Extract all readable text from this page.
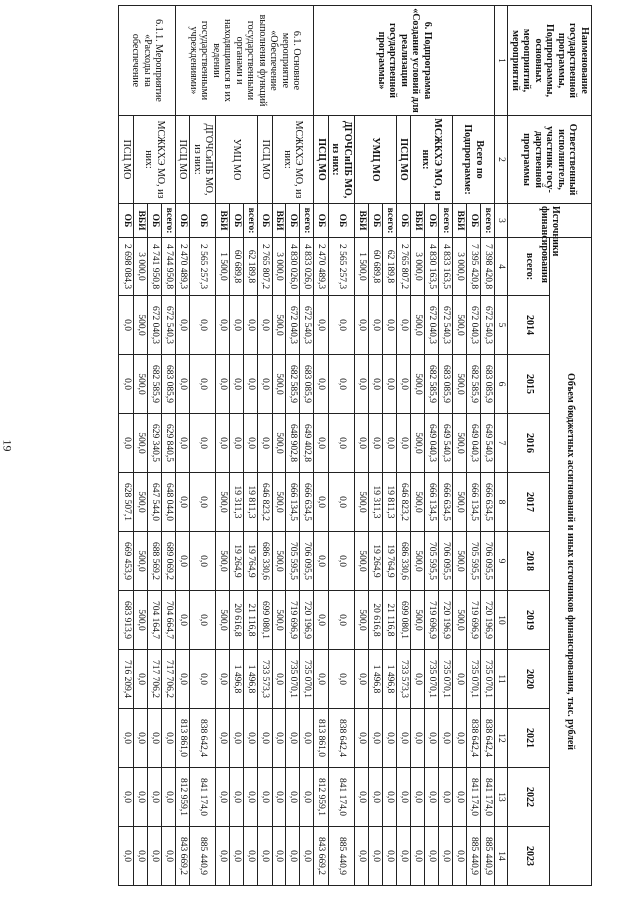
19
Наименование государственной программы, Подпрограммы, основных мероприятий, мероприятий	Ответственный исполнитель, участник госу-дарственной программы	Источники финансирования	Объем бюджетных ассигнований и иных источников финансирования, тыс. рублей										
			всего:	2014	2015	2016	2017	2018	2019	2020	2021	2022	2023
1	2	3	4	5	6	7	8	9	10	11	12	13	14
6. Подпрограмма «Создание условий для реализации государственной программы»	Всего по Подпрограмме:	всего:	7 398 420,8	672 540,3	683 085,9	649 540,3	666 634,5	706 095,5	720 196,9	735 070,1	838 642,4	841 174,0	885 440,9
		ОБ	7 395 420,8	672 040,3	682 585,9	649 040,3	666 134,5	705 595,5	719 696,9	735 070,1	838 642,4	841 174,0	885 440,9
		ВБИ	3 000,0	500,0	500,0	500,0	500,0	500,0	500,0	0,0	0,0	0,0	0,0
	МСЖКХЭ МО, из них:	всего:	4 833 163,5	672 540,3	683 085,9	649 540,3	666 634,5	706 095,5	720 196,9	735 070,1	0,0	0,0	0,0
		ОБ	4 830 163,5	672 040,3	682 585,9	649 040,3	666 134,5	705 595,5	719 696,9	735 070,1	0,0	0,0	0,0
		ВБИ	3 000,0	500,0	500,0	500,0	500,0	500,0	500,0	0,0	0,0	0,0	0,0
	ПСЦ МО	ОБ	2 765 807,2	0,0	0,0	0,0	646 823,2	686 330,6	699 080,1	733 573,3	0,0	0,0	0,0
	УМЦ МО	всего:	62 189,8	0,0	0,0	0,0	19 811,3	19 764,9	21 116,8	1 496,8	0,0	0,0	0,0
		ОБ	60 689,8	0,0	0,0	0,0	19 311,3	19 264,9	20 616,8	1 496,8	0,0	0,0	0,0
		ВБИ	1 500,0	0,0	0,0	0,0	500,0	500,0	500,0	0,0	0,0	0,0	0,0
	ДГОЧСиПБ МО, из них:	ОБ	2 565 257,3	0,0	0,0	0,0	0,0	0,0	0,0	0,0	838 642,4	841 174,0	885 440,9
	ПСЦ МО	ОБ	2 470 489,3	0,0	0,0	0,0	0,0	0,0	0,0	0,0	813 861,0	812 959,1	843 669,2
6.1. Основное мероприятие «Обеспечение выполнения функций государственными органами и находящимися в их ведении государственными учреждениями»	МСЖКХЭ МО, из них:	всего:	4 833 026,0	672 540,3	683 085,9	649 402,8	666 634,5	706 095,5	720 196,9	735 070,1	0,0	0,0	0,0
		ОБ	4 830 026,0	672 040,3	682 585,9	648 902,8	666 134,5	705 595,5	719 696,9	735 070,1	0,0	0,0	0,0
		ВБИ	3 000,0	500,0	500,0	500,0	500,0	500,0	500,0	0,0	0,0	0,0	0,0
	ПСЦ МО	ОБ	2 765 807,2	0,0	0,0	0,0	646 823,2	686 330,6	699 080,1	733 573,3	0,0	0,0	0,0
	УМЦ МО	всего:	62 189,8	0,0	0,0	0,0	19 811,3	19 764,9	21 116,8	1 496,8	0,0	0,0	0,0
		ОБ	60 689,8	0,0	0,0	0,0	19 311,3	19 264,9	20 616,8	1 496,8	0,0	0,0	0,0
		ВБИ	1 500,0	0,0	0,0	0,0	500,0	500,0	500,0	0,0	0,0	0,0	0,0
	ДГОЧСиПБ МО, из них:	ОБ	2 565 257,3	0,0	0,0	0,0	0,0	0,0	0,0	0,0	838 642,4	841 174,0	885 440,9
	ПСЦ МО	ОБ	2 470 489,3	0,0	0,0	0,0	0,0	0,0	0,0	0,0	813 861,0	812 959,1	843 669,2
6.1.1. Мероприятие «Расходы на обеспечение	МСЖКХЭ МО, из них:	всего:	4 744 950,8	672 540,3	683 085,9	629 840,5	648 044,0	689 069,2	704 664,7	717 706,2	0,0	0,0	0,0
		ОБ	4 741 950,8	672 040,3	682 585,9	629 340,5	647 544,0	688 569,2	704 164,7	717 706,2	0,0	0,0	0,0
		ВБИ	3 000,0	500,0	500,0	500,0	500,0	500,0	500,0	0,0	0,0	0,0	0,0
	ПСЦ МО	ОБ	2 698 084,3	0,0	0,0	0,0	628 507,1	669 453,9	683 913,9	716 209,4	0,0	0,0	0,0
